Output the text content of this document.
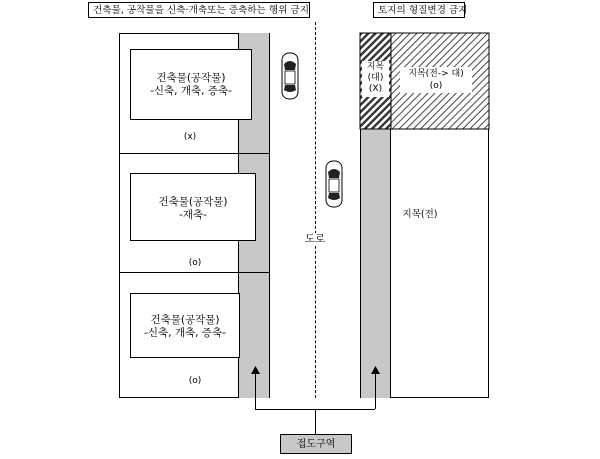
건축물, 공작물을 신축·개축또는 증축하는 행위 금지	토지의 형질변경 금지
건축물(공작물)
-신축, 개축, 증축-
(x)
건축물(공작물)
-재축-
(o)
건축물(공작물)
-신축, 개축, 증축-
(o)
도로
지목
(대)
(X)
지목(전-> 대)
(o)
지목(전)
접도구역
